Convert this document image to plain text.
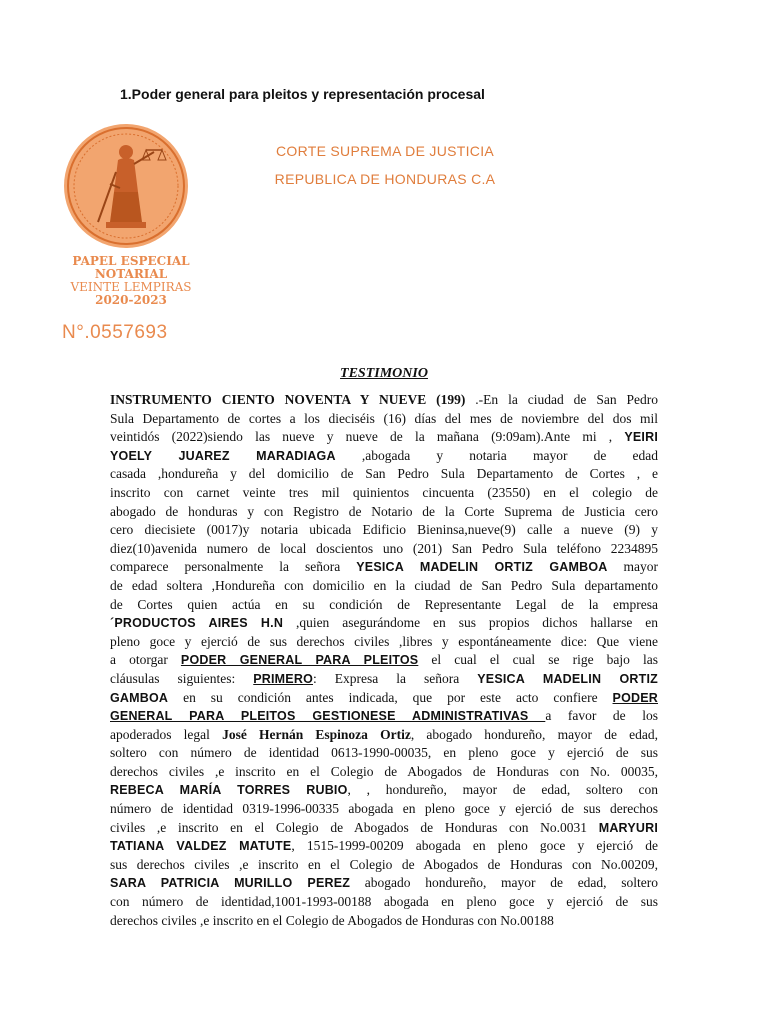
1.Poder general para pleitos y representación procesal
CORTE SUPREMA DE JUSTICIA
REPUBLICA DE HONDURAS C.A
PAPEL ESPECIAL
NOTARIAL
VEINTE LEMPIRAS
2020-2023
N°.0557693
TESTIMONIO
INSTRUMENTO CIENTO NOVENTA Y NUEVE (199) .-En la ciudad de San Pedro
Sula Departamento de cortes a los dieciséis (16) días del mes de noviembre del dos mil
veintidós (2022)siendo las nueve y nueve de la mañana (9:09am).Ante mi , YEIRI
YOELY JUAREZ MARADIAGA ,abogada y notaria mayor de edad
casada ,hondureña y del domicilio de San Pedro Sula Departamento de Cortes , e
inscrito con carnet veinte tres mil quinientos cincuenta (23550) en el colegio de
abogado de honduras y con Registro de Notario de la Corte Suprema de Justicia cero
cero diecisiete (0017)y notaria ubicada Edificio Bieninsa,nueve(9) calle a nueve (9) y
diez(10)avenida numero de local doscientos uno (201) San Pedro Sula teléfono 2234895
comparece personalmente la señora YESICA MADELIN ORTIZ GAMBOA mayor
de edad soltera ,Hondureña con domicilio en la ciudad de San Pedro Sula departamento
de Cortes quien actúa en su condición de Representante Legal de la empresa
´PRODUCTOS AIRES H.N ,quien asegurándome en sus propios dichos hallarse en
pleno goce y ejerció de sus derechos civiles ,libres y espontáneamente dice: Que viene
a otorgar PODER GENERAL PARA PLEITOS el cual el cual se rige bajo las
cláusulas siguientes: PRIMERO: Expresa la señora YESICA MADELIN ORTIZ
GAMBOA en su condición antes indicada, que por este acto confiere PODER
GENERAL PARA PLEITOS GESTIONESE ADMINISTRATIVAS a favor de los
apoderados legal José Hernán Espinoza Ortiz, abogado hondureño, mayor de edad,
soltero con número de identidad 0613-1990-00035, en pleno goce y ejerció de sus
derechos civiles ,e inscrito en el Colegio de Abogados de Honduras con No. 00035,
REBECA MARÍA TORRES RUBIO, , hondureño, mayor de edad, soltero con
número de identidad 0319-1996-00335 abogada en pleno goce y ejerció de sus derechos
civiles ,e inscrito en el Colegio de Abogados de Honduras con No.0031 MARYURI
TATIANA VALDEZ MATUTE, 1515-1999-00209 abogada en pleno goce y ejerció de
sus derechos civiles ,e inscrito en el Colegio de Abogados de Honduras con No.00209,
SARA PATRICIA MURILLO PEREZ abogado hondureño, mayor de edad, soltero
con número de identidad,1001-1993-00188 abogada en pleno goce y ejerció de sus
derechos civiles ,e inscrito en el Colegio de Abogados de Honduras con No.00188
